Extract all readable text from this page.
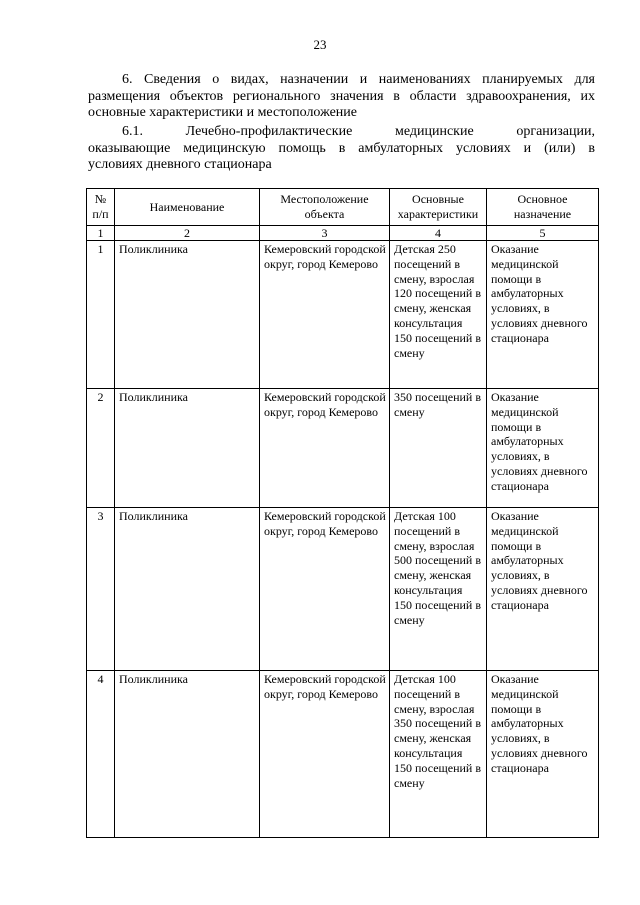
23
6. Сведения о видах, назначении и наименованиях планируемых для
размещения объектов регионального значения в области здравоохранения, их
основные характеристики и местоположение
6.1. Лечебно-профилактические медицинские организации,
оказывающие медицинскую помощь в амбулаторных условиях и (или) в
условиях дневного стационара
№ п/п	Наименование	Местоположение объекта	Основные характеристики	Основное назначение
1	2	3	4	5
1	Поликлиника	Кемеровский городской округ, город Кемерово	Детская 250 посещений в смену, взрослая 120 посещений в смену, женская консультация 150 посещений в смену	Оказание медицинской помощи в амбулаторных условиях, в условиях дневного стационара
2	Поликлиника	Кемеровский городской округ, город Кемерово	350 посещений в смену	Оказание медицинской помощи в амбулаторных условиях, в условиях дневного стационара
3	Поликлиника	Кемеровский городской округ, город Кемерово	Детская 100 посещений в смену, взрослая 500 посещений в смену, женская консультация 150 посещений в смену	Оказание медицинской помощи в амбулаторных условиях, в условиях дневного стационара
4	Поликлиника	Кемеровский городской округ, город Кемерово	Детская 100 посещений в смену, взрослая 350 посещений в смену, женская консультация 150 посещений в смену	Оказание медицинской помощи в амбулаторных условиях, в условиях дневного стационара
